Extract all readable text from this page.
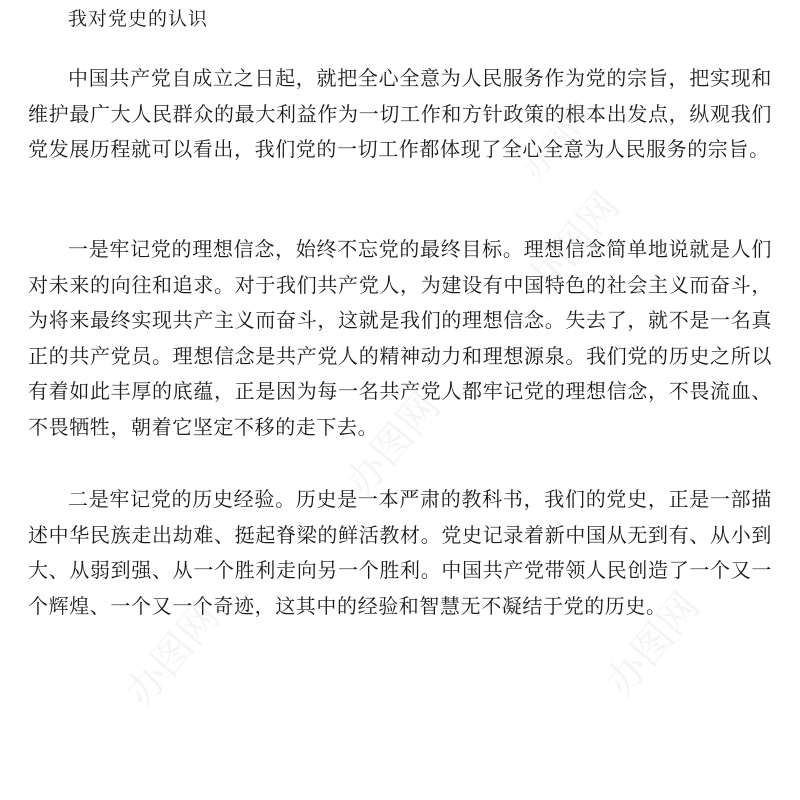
我对党史的认识

中国共产党自成立之日起，就把全心全意为人民服务作为党的宗旨，把实现和维护最广大人民群众的最大利益作为一切工作和方针政策的根本出发点，纵观我们党发展历程就可以看出，我们党的一切工作都体现了全心全意为人民服务的宗旨。

一是牢记党的理想信念，始终不忘党的最终目标。理想信念简单地说就是人们对未来的向往和追求。对于我们共产党人，为建设有中国特色的社会主义而奋斗，为将来最终实现共产主义而奋斗，这就是我们的理想信念。失去了，就不是一名真正的共产党员。理想信念是共产党人的精神动力和理想源泉。我们党的历史之所以有着如此丰厚的底蕴，正是因为每一名共产党人都牢记党的理想信念，不畏流血、不畏牺牲，朝着它坚定不移的走下去。

二是牢记党的历史经验。历史是一本严肃的教科书，我们的党史，正是一部描述中华民族走出劫难、挺起脊梁的鲜活教材。党史记录着新中国从无到有、从小到大、从弱到强、从一个胜利走向另一个胜利。中国共产党带领人民创造了一个又一个辉煌、一个又一个奇迹，这其中的经验和智慧无不凝结于党的历史。

办图网
办图网
办图网
办图网
办图网
